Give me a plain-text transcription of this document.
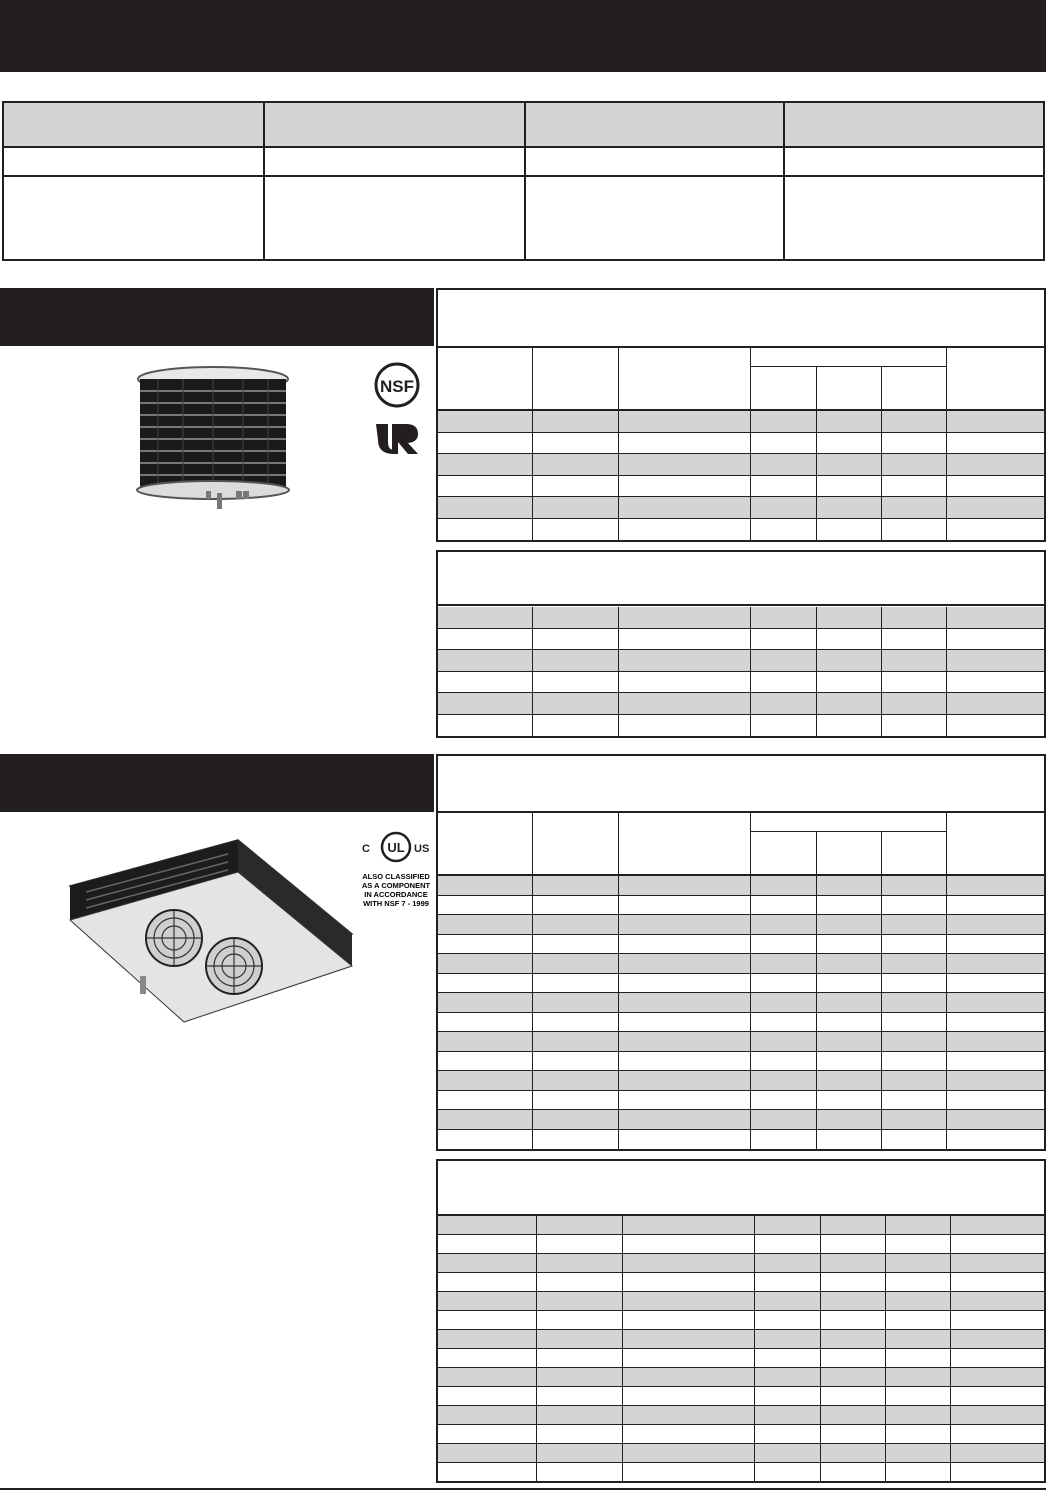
NSF
C UL US
ALSO CLASSIFIED
AS A COMPONENT
IN ACCORDANCE
WITH NSF 7 - 1999
